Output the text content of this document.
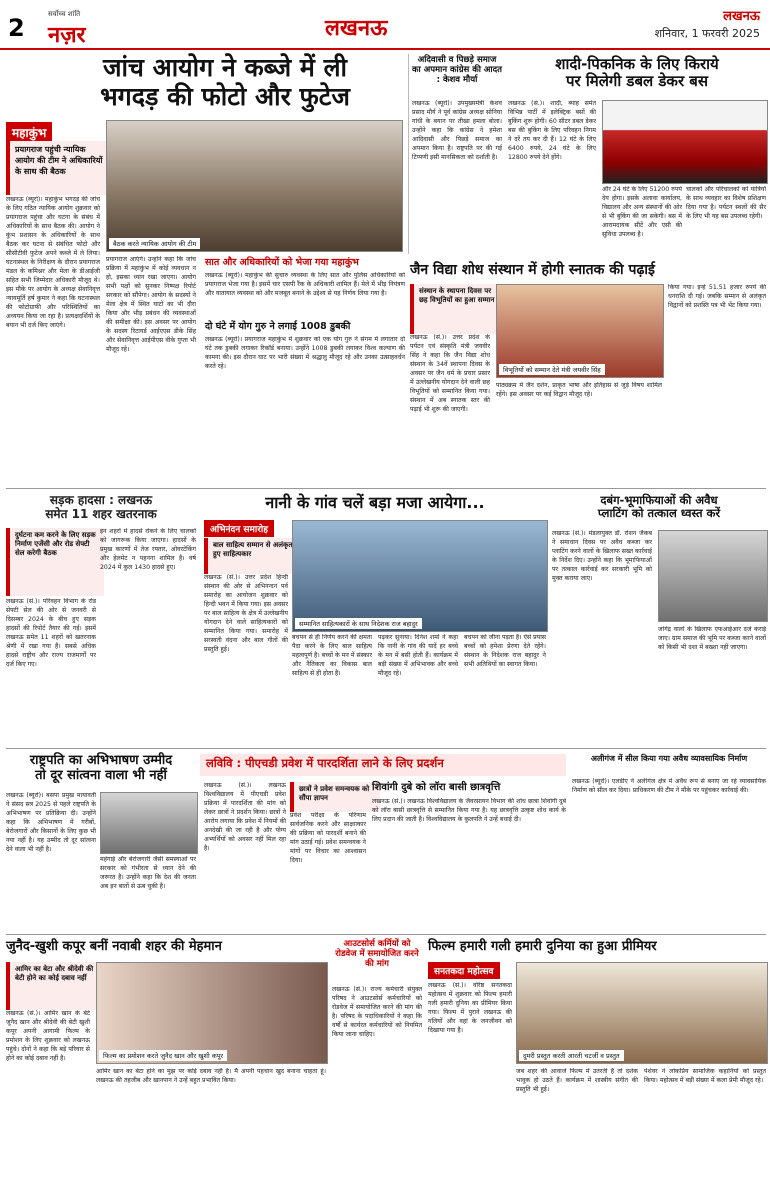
2	सर्वोच्च शांति
नज़र	लखनऊ	लखनऊ
शनिवार, 1 फरवरी 2025
जांच आयोग ने कब्जे में ली
भगदड़ की फोटो और फुटेज
महाकुंभ
प्रयागराज पहुंची न्यायिक आयोग की टीम ने अधिकारियों के साथ की बैठक
बैठक करते न्यायिक आयोग की टीम
लखनऊ (ब्यूरो)। महाकुंभ भगदड़ की जांच के लिए गठित न्यायिक आयोग शुक्रवार को प्रयागराज पहुंचा और घटना के संबंध में अधिकारियों के साथ बैठक की। आयोग ने कुंभ प्रशासन के अधिकारियों के साथ बैठक कर घटना से संबंधित फोटो और सीसीटीवी फुटेज अपने कब्जे में ले लिया। घटनास्थल के निरीक्षण के दौरान प्रयागराज मंडल के कमिश्नर और मेला के डीआईजी सहित सभी जिम्मेदार अधिकारी मौजूद थे। इस मौके पर आयोग के अध्यक्ष सेवानिवृत्त न्यायमूर्ति हर्ष कुमार ने कहा कि घटनास्थल की फोटोग्राफी और परिस्थितियों का अध्ययन किया जा रहा है। प्रत्यक्षदर्शियों के बयान भी दर्ज किए जाएंगे।
प्रयागराज आएंगे। उन्होंने कहा कि जांच प्रक्रिया में महाकुंभ में कोई व्यवधान न हो, इसका ध्यान रखा जाएगा। आयोग सभी पक्षों को सुनकर निष्पक्ष रिपोर्ट सरकार को सौंपेगा। आयोग के सदस्यों ने मेला क्षेत्र में स्थित घाटों का भी दौरा किया और भीड़ प्रबंधन की व्यवस्थाओं की समीक्षा की। इस अवसर पर आयोग के सदस्य रिटायर्ड आईएएस डीके सिंह और सेवानिवृत्त आईपीएस वीके गुप्ता भी मौजूद रहे।
सात और अधिकारियों को भेजा गया महाकुंभ
लखनऊ (ब्यूरो)। महाकुंभ की सुचारु व्यवस्था के लिए सात और पुलिस अधिकारियों को प्रयागराज भेजा गया है। इसमें चार एसपी रैंक के अधिकारी शामिल हैं। मेले में भीड़ नियंत्रण और यातायात व्यवस्था को और मजबूत बनाने के उद्देश्य से यह निर्णय लिया गया है।
दो घंटे में योग गुरु ने लगाई 1008 डुबकी
लखनऊ (ब्यूरो)। प्रयागराज महाकुंभ में शुक्रवार को एक योग गुरु ने संगम में लगातार दो घंटे तक डुबकी लगाकर रिकॉर्ड बनाया। उन्होंने 1008 डुबकी लगाकर विश्व कल्याण की कामना की। इस दौरान घाट पर भारी संख्या में श्रद्धालु मौजूद रहे और उनका उत्साहवर्धन करते रहे।
अदिवासी व पिछड़े समाज का अपमान कांग्रेस की आदत : केशव मौर्या
लखनऊ (ब्यूरो)। उपमुख्यमंत्री केशव प्रसाद मौर्य ने पूर्व कांग्रेस अध्यक्ष सोनिया गांधी के बयान पर तीखा हमला बोला। उन्होंने कहा कि कांग्रेस ने हमेशा आदिवासी और पिछड़े समाज का अपमान किया है। राष्ट्रपति पर की गई टिप्पणी इसी मानसिकता को दर्शाती है।
शादी-पिकनिक के लिए किराये
पर मिलेगी डबल डेकर बस
लखनऊ (सं.)। शादी, ब्याह समेत विभिन्न पार्टी में इलेक्ट्रिक बसों की बुकिंग शुरू होगी। 60 सीटर डबल डेकर बस की बुकिंग के लिए परिवहन निगम ने दरें तय कर दी हैं। 12 घंटे के लिए 6400 रुपये, 24 घंटे के लिए 12800 रुपये देने होंगे।
और 24 घंटे के लिए 51200 रुपये देय होगा। इसके अलावा कार्यालय, विद्यालय और अन्य संस्थानों की ओर से भी बुकिंग की जा सकेगी। बस में आरामदायक सीटें और एसी की सुविधा उपलब्ध है।
चालकों और परिचालकों को यात्रियों के साथ व्यवहार का विशेष प्रशिक्षण दिया गया है। पर्यटन स्थलों की सैर के लिए भी यह बस उपलब्ध रहेगी।
जैन विद्या शोध संस्थान में होगी स्नातक की पढ़ाई
संस्थान के स्थापना दिवस पर छह विभूतियों का हुआ सम्मान
विभूतियों को सम्मान देते मंत्री जयवीर सिंह
लखनऊ (सं.)। उत्तर प्रदेश के पर्यटन एवं संस्कृति मंत्री जयवीर सिंह ने कहा कि जैन विद्या शोध संस्थान के 34वें स्थापना दिवस के अवसर पर जैन धर्म के प्रचार प्रसार में उल्लेखनीय योगदान देने वाली छह विभूतियों को सम्मानित किया गया। संस्थान में अब स्नातक स्तर की पढ़ाई भी शुरू की जाएगी।
पाठ्यक्रम में जैन दर्शन, प्राकृत भाषा और इतिहास से जुड़े विषय शामिल रहेंगे। इस अवसर पर कई विद्वान मौजूद रहे।
किया गया। इन्हें 51.51 हजार रुपये की धनराशि दी गई। जबकि सम्मान से अलंकृत विद्वानों को प्रशस्ति पत्र भी भेंट किया गया।
सड़क हादसा : लखनऊ
समेत 11 शहर खतरनाक
दुर्घटना कम करने के लिए सड़क निर्माण एजेंसी और रोड सेफ्टी सेल करेगी बैठक
लखनऊ (सं.)। परिवहन विभाग के रोड सेफ्टी सेल की ओर से जनवरी से दिसम्बर 2024 के बीच हुए सड़क हादसों की रिपोर्ट तैयार की गई। इसमें लखनऊ समेत 11 शहरों को खतरनाक श्रेणी में रखा गया है। सबसे अधिक हादसे राष्ट्रीय और राज्य राजमार्गों पर दर्ज किए गए।
इन शहरों में हादसे रोकने के लिए चालकों को जागरूक किया जाएगा। हादसों के प्रमुख कारणों में तेज रफ्तार, ओवरटेकिंग और हेलमेट न पहनना शामिल है। वर्ष 2024 में कुल 1430 हादसे हुए।
नानी के गांव चलें बड़ा मजा आयेगा...
अभिनंदन समारोह
बाल साहित्य सम्मान से अलंकृत हुए साहित्यकार
सम्मानित साहित्यकारों के साथ निदेशक राज बहादुर
लखनऊ (सं.)। उत्तर प्रदेश हिन्दी संस्थान की ओर से अभिनन्दन पर्व समारोह का आयोजन शुक्रवार को हिन्दी भवन में किया गया। इस अवसर पर बाल साहित्य के क्षेत्र में उल्लेखनीय योगदान देने वाले साहित्यकारों को सम्मानित किया गया। समारोह में सरस्वती वंदना और बाल गीतों की प्रस्तुति हुई।
बचपन से ही निर्णय करने की क्षमता पैदा करने के लिए बाल साहित्य महत्वपूर्ण है। बच्चों के मन में संस्कार और नैतिकता का विकास बाल साहित्य से ही होता है।
पढ़कर सुनाया। दिनेश शर्मा ने कहा कि नानी के गांव की यादें हर बच्चे के मन में बसी होती हैं। कार्यक्रम में बड़ी संख्या में अभिभावक और बच्चे मौजूद रहे।
बचपन को जीना पड़ता है। ऐसे प्रयास बच्चों को हमेशा प्रेरणा देते रहेंगे। संस्थान के निदेशक राज बहादुर ने सभी अतिथियों का स्वागत किया।
दबंग-भूमाफियाओं की अवैध
प्लाटिंग को तत्काल ध्वस्त करें
लखनऊ (सं.)। मंडलायुक्त डॉ. रोशन जैकब ने समाधान दिवस पर अवैध कब्जा कर प्लाटिंग करने वालों के खिलाफ सख्त कार्रवाई के निर्देश दिए। उन्होंने कहा कि भूमाफियाओं पर तत्काल कार्रवाई कर सरकारी भूमि को मुक्त कराया जाए।
जोगेंद्र वालों के खिलाफ एफआईआर दर्ज कराई जाए। ग्राम समाज की भूमि पर कब्जा करने वालों को किसी भी दशा में बख्शा नहीं जाएगा।
राष्ट्रपति का अभिभाषण उम्मीद
तो दूर सांत्वना वाला भी नहीं
लखनऊ (ब्यूरो)। बसपा प्रमुख मायावती ने संसद सत्र 2025 से पहले राष्ट्रपति के अभिभाषण पर प्रतिक्रिया दी। उन्होंने कहा कि अभिभाषण में गरीबों, बेरोजगारों और किसानों के लिए कुछ भी नया नहीं है। यह उम्मीद तो दूर सांत्वना देने वाला भी नहीं है।
महंगाई और बेरोजगारी जैसी समस्याओं पर सरकार को गंभीरता से ध्यान देने की जरूरत है। उन्होंने कहा कि देश की जनता अब इन बातों से ऊब चुकी है।
लविवि : पीएचडी प्रवेश में पारदर्शिता लाने के लिए प्रदर्शन
छात्रों ने प्रवेश समन्वयक को सौंपा ज्ञापन
लखनऊ (सं.)। लखनऊ विश्वविद्यालय में पीएचडी प्रवेश प्रक्रिया में पारदर्शिता की मांग को लेकर छात्रों ने प्रदर्शन किया। छात्रों ने आरोप लगाया कि प्रवेश में नियमों की अनदेखी की जा रही है और योग्य अभ्यर्थियों को अवसर नहीं मिल रहा है।
प्रवेश परीक्षा के परिणाम सार्वजनिक करने और साक्षात्कार की प्रक्रिया को पारदर्शी बनाने की मांग उठाई गई। प्रवेश समन्वयक ने मांगों पर विचार का आश्वासन दिया।
शिवांगी दुबे को लॉरा बासी छात्रवृत्ति
लखनऊ (सं.)। लखनऊ विश्वविद्यालय के जैवरसायन विभाग की शोध छात्रा शिवांगी दुबे को लॉरा बासी छात्रवृत्ति से सम्मानित किया गया है। यह छात्रवृत्ति उत्कृष्ट शोध कार्य के लिए प्रदान की जाती है। विश्वविद्यालय के कुलपति ने उन्हें बधाई दी।
अलीगंज में सील किया गया अवैध व्यावसायिक निर्माण
लखनऊ (ब्यूरो)। एलडीए ने अलीगंज क्षेत्र में अवैध रूप से बनाए जा रहे व्यावसायिक निर्माण को सील कर दिया। प्राधिकरण की टीम ने मौके पर पहुंचकर कार्रवाई की।
जुनैद-खुशी कपूर बनीं नवाबी शहर की मेहमान
आमिर का बेटा और श्रीदेवी की बेटी होने का कोई दबाव नहीं
लखनऊ (सं.)। आमिर खान के बेटे जुनैद खान और श्रीदेवी की बेटी खुशी कपूर अपनी आगामी फिल्म के प्रमोशन के लिए शुक्रवार को लखनऊ पहुंचे। दोनों ने कहा कि बड़े परिवार से होने का कोई दबाव नहीं है।	फिल्म का प्रमोशन करते जुनैद खान और खुशी कपूर
आमिर खान का बेटा होने का मुझ पर कोई दबाव नहीं है। मैं अपनी पहचान खुद बनाना चाहता हूं। लखनऊ की तहजीब और खानपान ने उन्हें बहुत प्रभावित किया।
आउटसोर्स कर्मियों को रोडवेज में समायोजित करने की मांग
लखनऊ (सं.)। राज्य कर्मचारी संयुक्त परिषद ने आउटसोर्स कर्मचारियों को रोडवेज में समायोजित करने की मांग की है। परिषद के पदाधिकारियों ने कहा कि वर्षों से कार्यरत कर्मचारियों को नियमित किया जाना चाहिए।
फिल्म हमारी गली हमारी दुनिया का हुआ प्रीमियर
सनतकदा महोत्सव
लखनऊ (सं.)। वरिष्ठ सनतकदा महोत्सव में शुक्रवार को फिल्म हमारी गली हमारी दुनिया का प्रीमियर किया गया। फिल्म में पुराने लखनऊ की गलियों और वहां के जनजीवन को दिखाया गया है।
दुमरी प्रस्तुत करती आरती चटर्जी व प्रस्तुत
जब शहर की आवाजें फिल्म में उतरती हैं तो दर्शक भावुक हो उठते हैं। कार्यक्रम में शास्त्रीय संगीत की प्रस्तुति भी हुई।
पेशेवर ने लोकप्रिय सामाजिक कहानियों को प्रस्तुत किया। महोत्सव में बड़ी संख्या में कला प्रेमी मौजूद रहे।
